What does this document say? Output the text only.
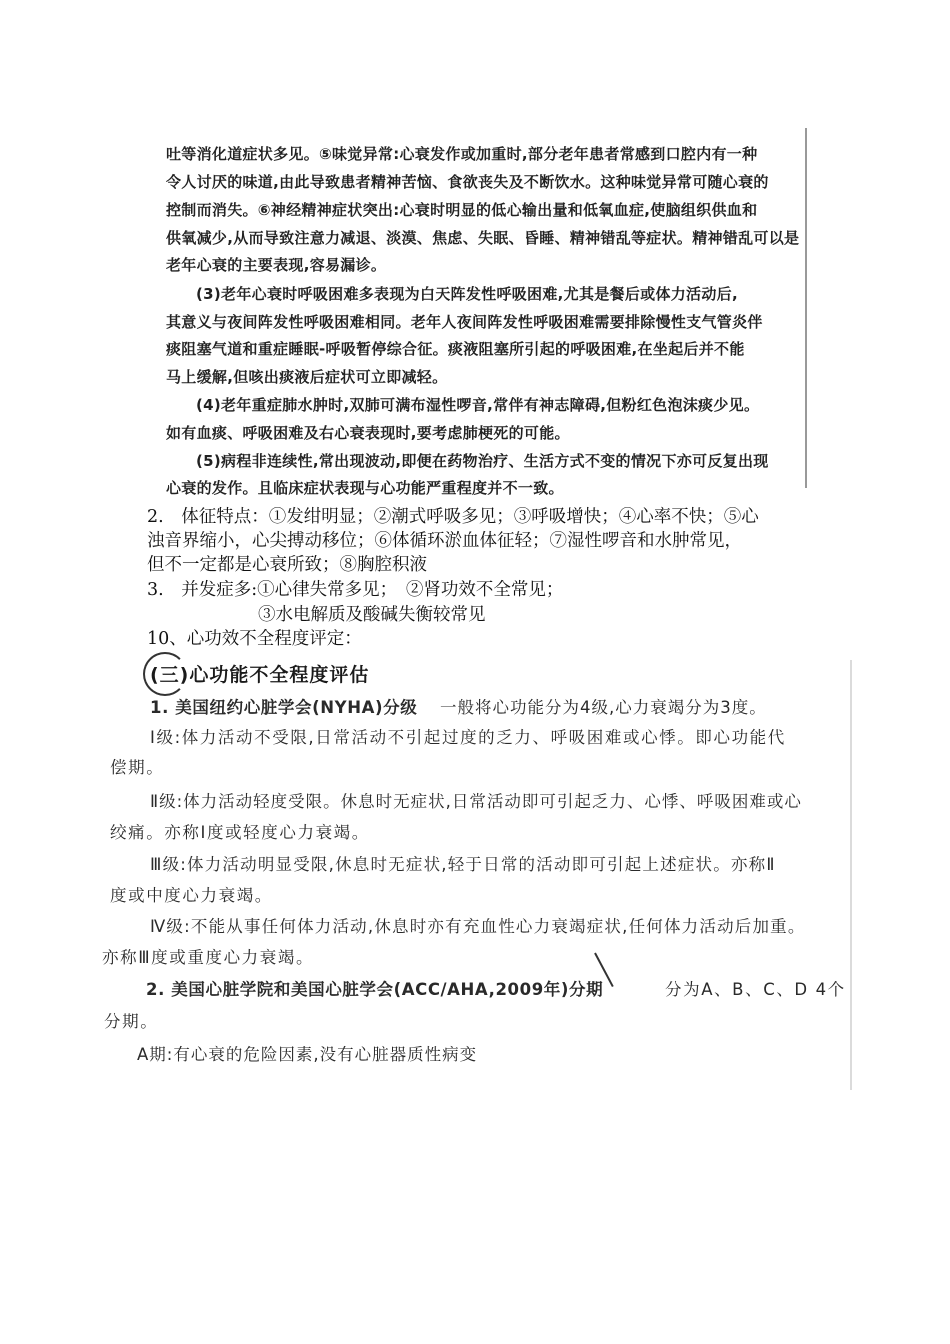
吐等消化道症状多见。⑤味觉异常:心衰发作或加重时,部分老年患者常感到口腔内有一种

令人讨厌的味道,由此导致患者精神苦恼、食欲丧失及不断饮水。这种味觉异常可随心衰的

控制而消失。⑥神经精神症状突出:心衰时明显的低心输出量和低氧血症,使脑组织供血和

供氧减少,从而导致注意力减退、淡漠、焦虑、失眠、昏睡、精神错乱等症状。精神错乱可以是

老年心衰的主要表现,容易漏诊。

(3)老年心衰时呼吸困难多表现为白天阵发性呼吸困难,尤其是餐后或体力活动后,

其意义与夜间阵发性呼吸困难相同。老年人夜间阵发性呼吸困难需要排除慢性支气管炎伴

痰阻塞气道和重症睡眠-呼吸暂停综合征。痰液阻塞所引起的呼吸困难,在坐起后并不能

马上缓解,但咳出痰液后症状可立即减轻。

(4)老年重症肺水肿时,双肺可满布湿性啰音,常伴有神志障碍,但粉红色泡沫痰少见。

如有血痰、呼吸困难及右心衰表现时,要考虑肺梗死的可能。

(5)病程非连续性,常出现波动,即便在药物治疗、生活方式不变的情况下亦可反复出现

心衰的发作。且临床症状表现与心功能严重程度并不一致。

2.　体征特点：①发绀明显；②潮式呼吸多见；③呼吸增快；④心率不快；⑤心

浊音界缩小，心尖搏动移位；⑥体循环淤血体征轻；⑦湿性啰音和水肿常见，

但不一定都是心衰所致；⑧胸腔积液

3.　并发症多:①心律失常多见；　②肾功效不全常见；

③水电解质及酸碱失衡较常见

10、心功效不全程度评定：

(三)心功能不全程度评估

1. 美国纽约心脏学会(NYHA)分级 一般将心功能分为4级,心力衰竭分为3度。

Ⅰ级:体力活动不受限,日常活动不引起过度的乏力、呼吸困难或心悸。即心功能代

偿期。

Ⅱ级:体力活动轻度受限。休息时无症状,日常活动即可引起乏力、心悸、呼吸困难或心

绞痛。亦称Ⅰ度或轻度心力衰竭。

Ⅲ级:体力活动明显受限,休息时无症状,轻于日常的活动即可引起上述症状。亦称Ⅱ

度或中度心力衰竭。

Ⅳ级:不能从事任何体力活动,休息时亦有充血性心力衰竭症状,任何体力活动后加重。

亦称Ⅲ度或重度心力衰竭。

2. 美国心脏学院和美国心脏学会(ACC/AHA,2009年)分期	分为A、B、C、D 4个

分期。

A期:有心衰的危险因素,没有心脏器质性病变
